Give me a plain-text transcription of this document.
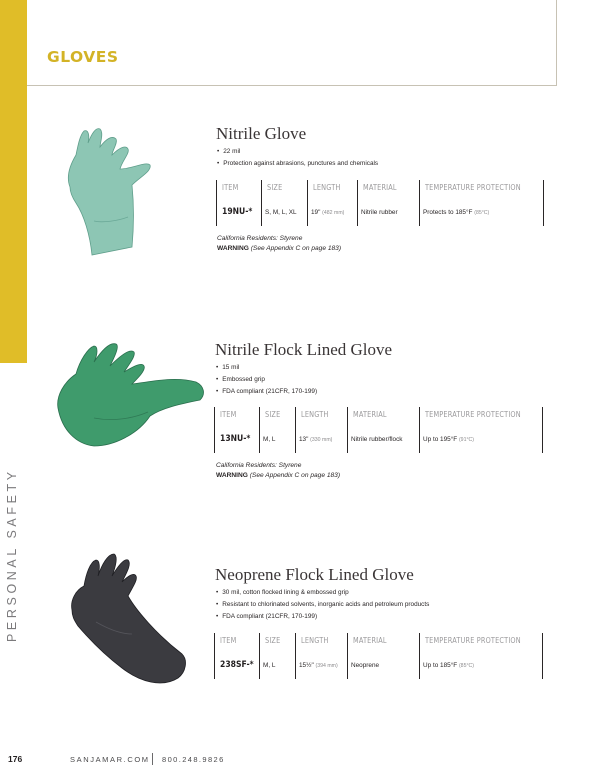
GLOVES
PERSONAL SAFETY
Nitrile Glove
• 22 mil
• Protection against abrasions, punctures and chemicals
ITEM
19NU-*
SIZE
S, M, L, XL
LENGTH
19" (482 mm)
MATERIAL
Nitrile rubber
TEMPERATURE PROTECTION
Protects to 185°F (85°C)
California Residents: Styrene
WARNING (See Appendix C on page 183)
Nitrile Flock Lined Glove
• 15 mil
• Embossed grip
• FDA compliant (21CFR, 170-199)
ITEM
13NU-*
SIZE
M, L
LENGTH
13" (330 mm)
MATERIAL
Nitrile rubber/flock
TEMPERATURE PROTECTION
Up to 195°F (91°C)
California Residents: Styrene
WARNING (See Appendix C on page 183)
Neoprene Flock Lined Glove
• 30 mil, cotton flocked lining & embossed grip
• Resistant to chlorinated solvents, inorganic acids and petroleum products
• FDA compliant (21CFR, 170-199)
ITEM
238SF-*
SIZE
M, L
LENGTH
15½" (394 mm)
MATERIAL
Neoprene
TEMPERATURE PROTECTION
Up to 185°F (85°C)
176	SANJAMAR.COM 800.248.9826
